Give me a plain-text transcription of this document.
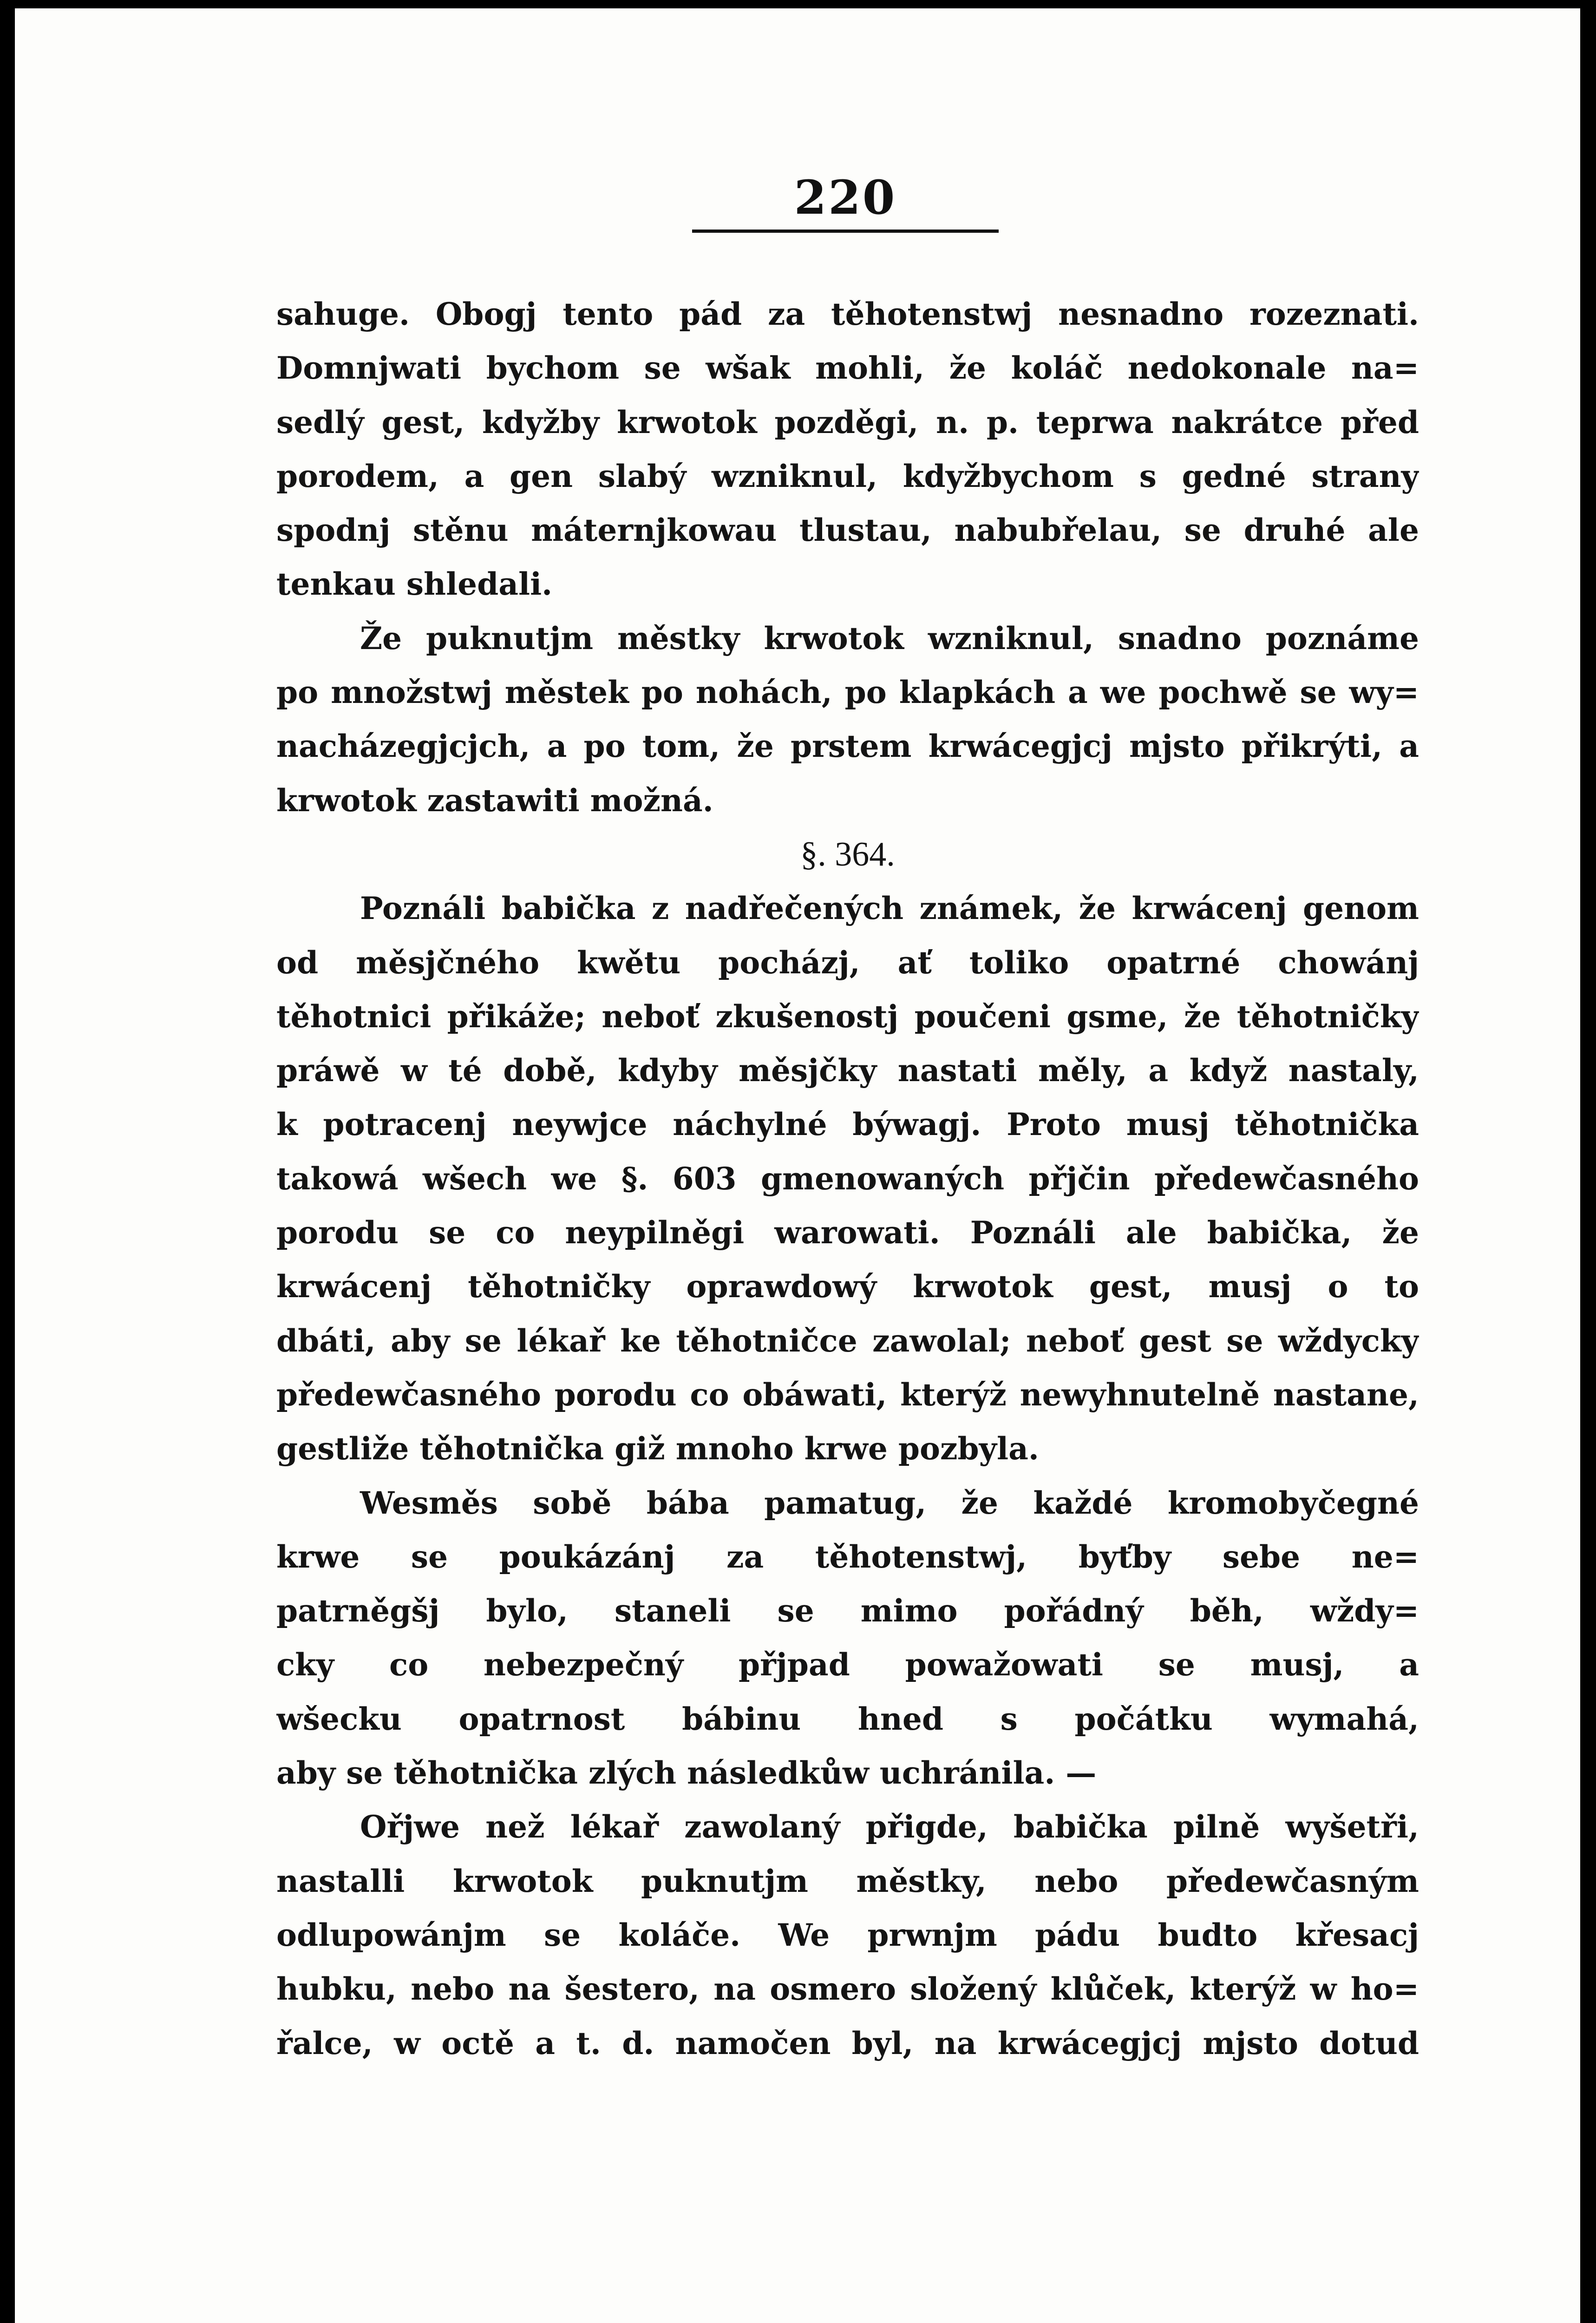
220
sahuge. Obogj tento pád za těhotenstwj nesnadno rozeznati.
Domnjwati bychom se wšak mohli, že koláč nedokonale na=
sedlý gest, kdyžby krwotok pozděgi, n. p. teprwa nakrátce před
porodem, a gen slabý wzniknul, kdyžbychom s gedné strany
spodnj stěnu máternjkowau tlustau, nabubřelau, se druhé ale
tenkau shledali.
Že puknutjm městky krwotok wzniknul, snadno poznáme
po množstwj městek po nohách, po klapkách a we pochwě se wy=
nacházegjcjch, a po tom, že prstem krwácegjcj mjsto přikrýti, a
krwotok zastawiti možná.
§. 364.
Poználi babička z nadřečených známek, že krwácenj genom
od měsjčného kwětu pocházj, ať toliko opatrné chowánj
těhotnici přikáže; neboť zkušenostj poučeni gsme, že těhotničky
práwě w té době, kdyby měsjčky nastati měly, a když nastaly,
k potracenj neywjce náchylné býwagj. Proto musj těhotnička
takowá wšech we §. 603 gmenowaných přjčin předewčasného
porodu se co neypilněgi warowati. Poználi ale babička, že
krwácenj těhotničky oprawdowý krwotok gest, musj o to
dbáti, aby se lékař ke těhotničce zawolal; neboť gest se wždycky
předewčasného porodu co obáwati, kterýž newyhnutelně nastane,
gestliže těhotnička giž mnoho krwe pozbyla.
Wesměs sobě bába pamatug, že každé kromobyčegné
krwe se poukázánj za těhotenstwj, byťby sebe ne=
patrněgšj bylo, staneli se mimo pořádný běh, wždy=
cky co nebezpečný přjpad powažowati se musj, a
wšecku opatrnost bábinu hned s počátku wymahá,
aby se těhotnička zlých následkůw uchránila. —
Ořjwe než lékař zawolaný přigde, babička pilně wyšetři,
nastalli krwotok puknutjm městky, nebo předewčasným
odlupowánjm se koláče. We prwnjm pádu budto křesacj
hubku, nebo na šestero, na osmero složený klůček, kterýž w ho=
řalce, w octě a t. d. namočen byl, na krwácegjcj mjsto dotud
